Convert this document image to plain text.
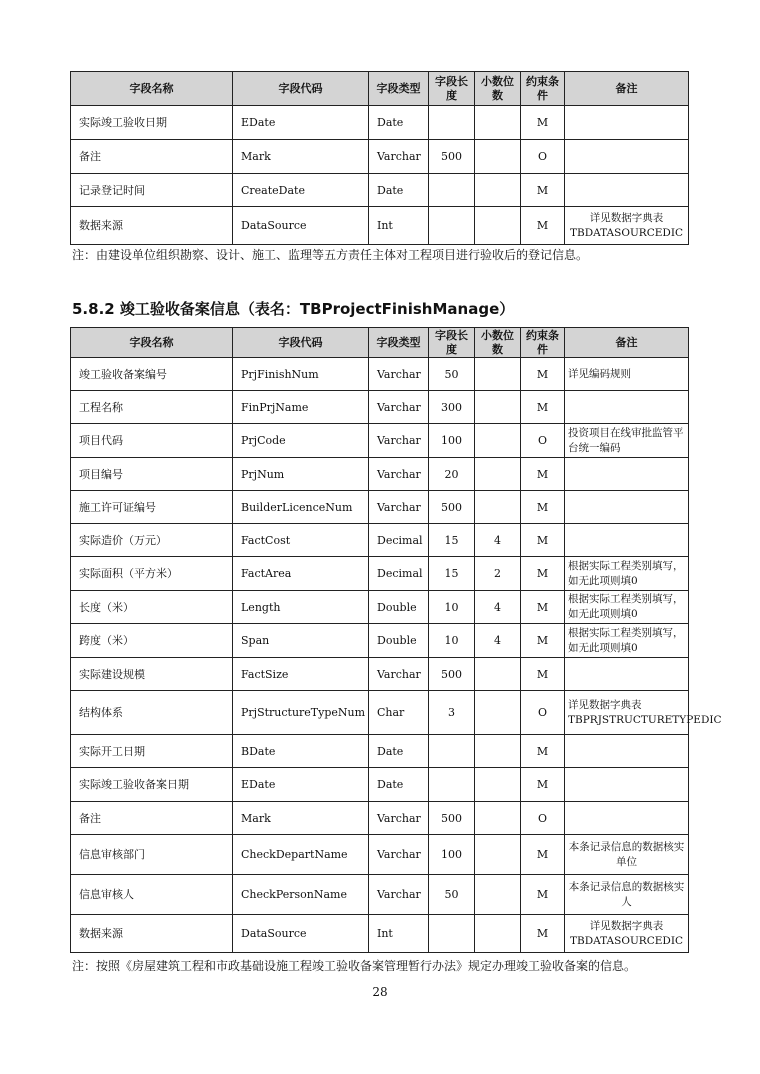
字段名称	字段代码	字段类型	字段长度	小数位数	约束条件	备注
实际竣工验收日期	EDate	Date			M	
备注	Mark	Varchar	500		O	
记录登记时间	CreateDate	Date			M	
数据来源	DataSource	Int			M	详见数据字典表 TBDATASOURCEDIC
注：由建设单位组织勘察、设计、施工、监理等五方责任主体对工程项目进行验收后的登记信息。
5.8.2 竣工验收备案信息（表名：TBProjectFinishManage）
字段名称	字段代码	字段类型	字段长度	小数位数	约束条件	备注
竣工验收备案编号	PrjFinishNum	Varchar	50		M	详见编码规则
工程名称	FinPrjName	Varchar	300		M	
项目代码	PrjCode	Varchar	100		O	投资项目在线审批监管平台统一编码
项目编号	PrjNum	Varchar	20		M	
施工许可证编号	BuilderLicenceNum	Varchar	500		M	
实际造价（万元）	FactCost	Decimal	15	4	M	
实际面积（平方米）	FactArea	Decimal	15	2	M	根据实际工程类别填写，如无此项则填0
长度（米）	Length	Double	10	4	M	根据实际工程类别填写，如无此项则填0
跨度（米）	Span	Double	10	4	M	根据实际工程类别填写，如无此项则填0
实际建设规模	FactSize	Varchar	500		M	
结构体系	PrjStructureTypeNum	Char	3		O	详见数据字典表 TBPRJSTRUCTURETYPEDIC
实际开工日期	BDate	Date			M	
实际竣工验收备案日期	EDate	Date			M	
备注	Mark	Varchar	500		O	
信息审核部门	CheckDepartName	Varchar	100		M	本条记录信息的数据核实单位
信息审核人	CheckPersonName	Varchar	50		M	本条记录信息的数据核实人
数据来源	DataSource	Int			M	详见数据字典表 TBDATASOURCEDIC
注：按照《房屋建筑工程和市政基础设施工程竣工验收备案管理暂行办法》规定办理竣工验收备案的信息。
28
